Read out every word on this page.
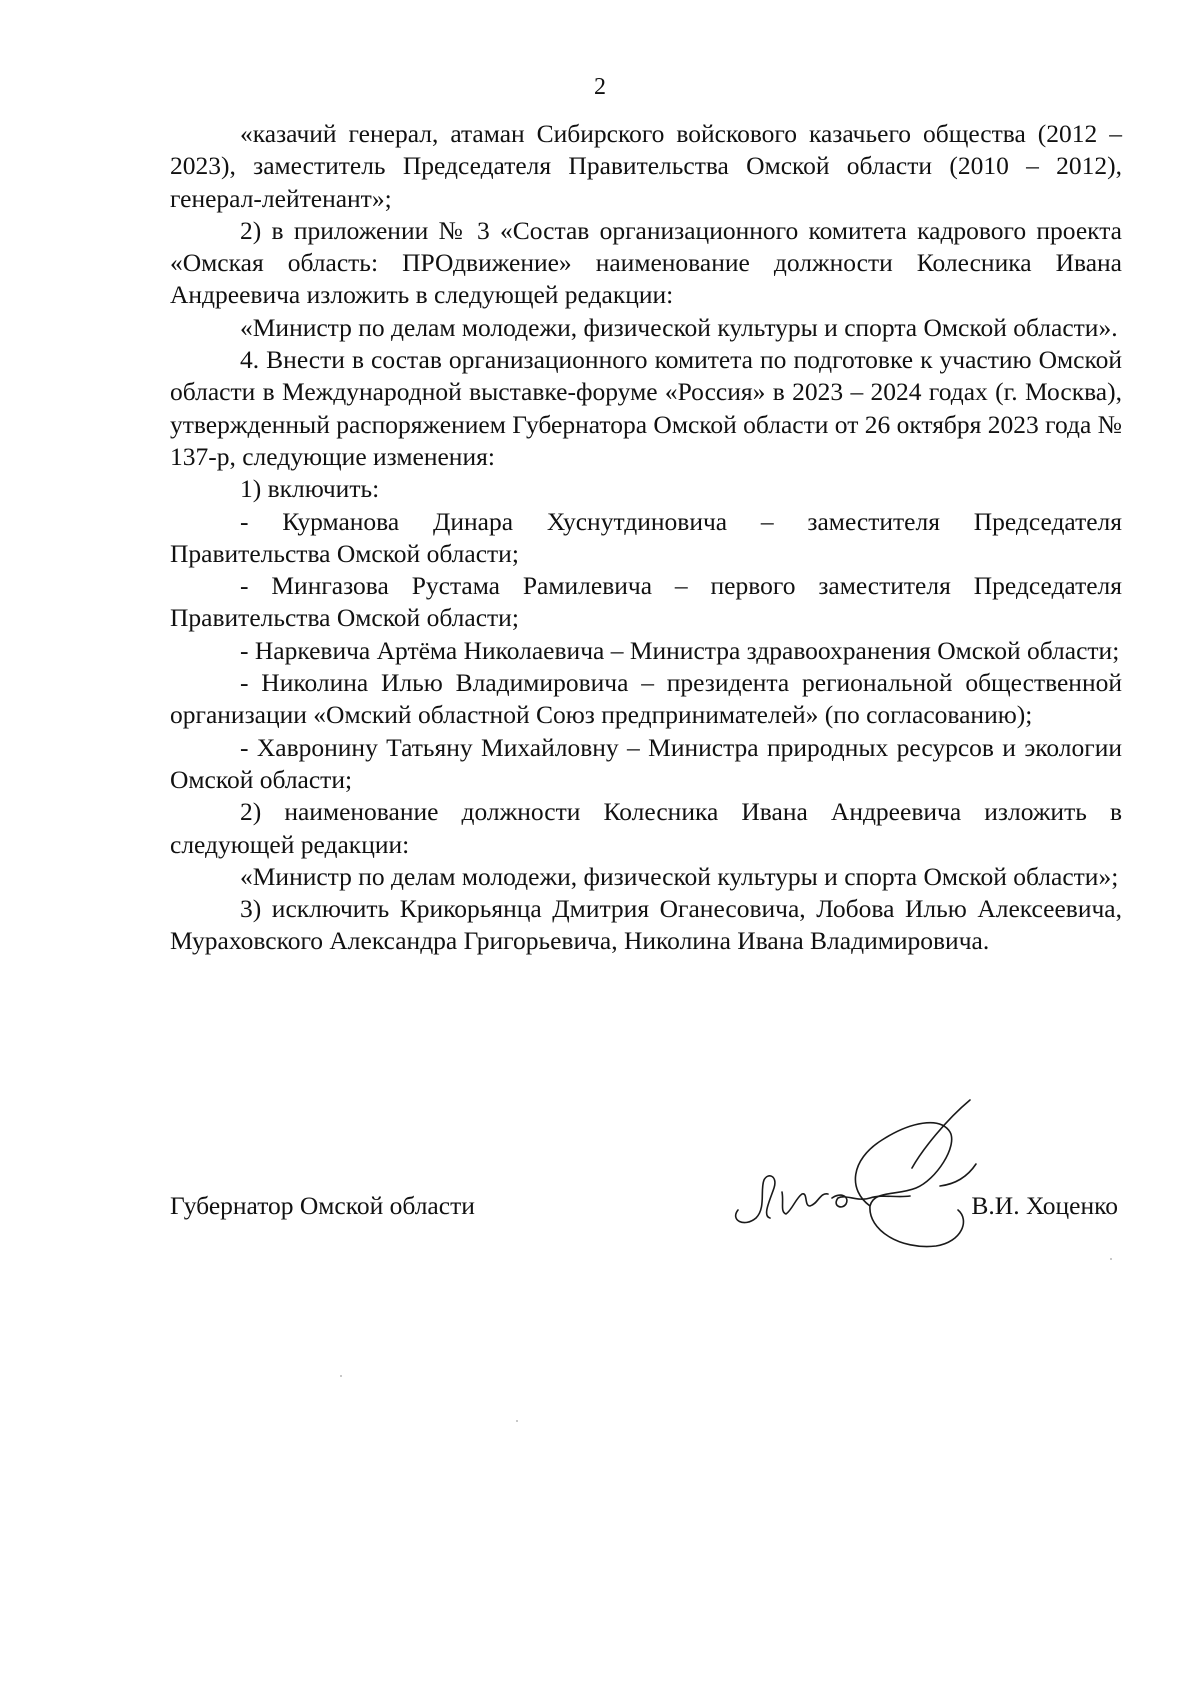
2

«казачий генерал, атаман Сибирского войскового казачьего общества (2012 – 2023), заместитель Председателя Правительства Омской области (2010 – 2012), генерал-лейтенант»;

2) в приложении № 3 «Состав организационного комитета кадрового проекта «Омская область: ПРОдвижение» наименование должности Колесника Ивана Андреевича изложить в следующей редакции:

«Министр по делам молодежи, физической культуры и спорта Омской области».

4. Внести в состав организационного комитета по подготовке к участию Омской области в Международной выставке-форуме «Россия» в 2023 – 2024 годах (г. Москва), утвержденный распоряжением Губернатора Омской области от 26 октября 2023 года № 137-р, следующие изменения:

1) включить:

- Курманова Динара Хуснутдиновича – заместителя Председателя Правительства Омской области;

- Мингазова Рустама Рамилевича – первого заместителя Председателя Правительства Омской области;

- Наркевича Артёма Николаевича – Министра здравоохранения Омской области;

- Николина Илью Владимировича – президента региональной общественной организации «Омский областной Союз предпринимателей» (по согласованию);

- Хавронину Татьяну Михайловну – Министра природных ресурсов и экологии Омской области;

2) наименование должности Колесника Ивана Андреевича изложить в следующей редакции:

«Министр по делам молодежи, физической культуры и спорта Омской области»;

3) исключить Крикорьянца Дмитрия Оганесовича, Лобова Илью Алексеевича, Мураховского Александра Григорьевича, Николина Ивана Владимировича.

Губернатор Омской области	В.И. Хоценко
